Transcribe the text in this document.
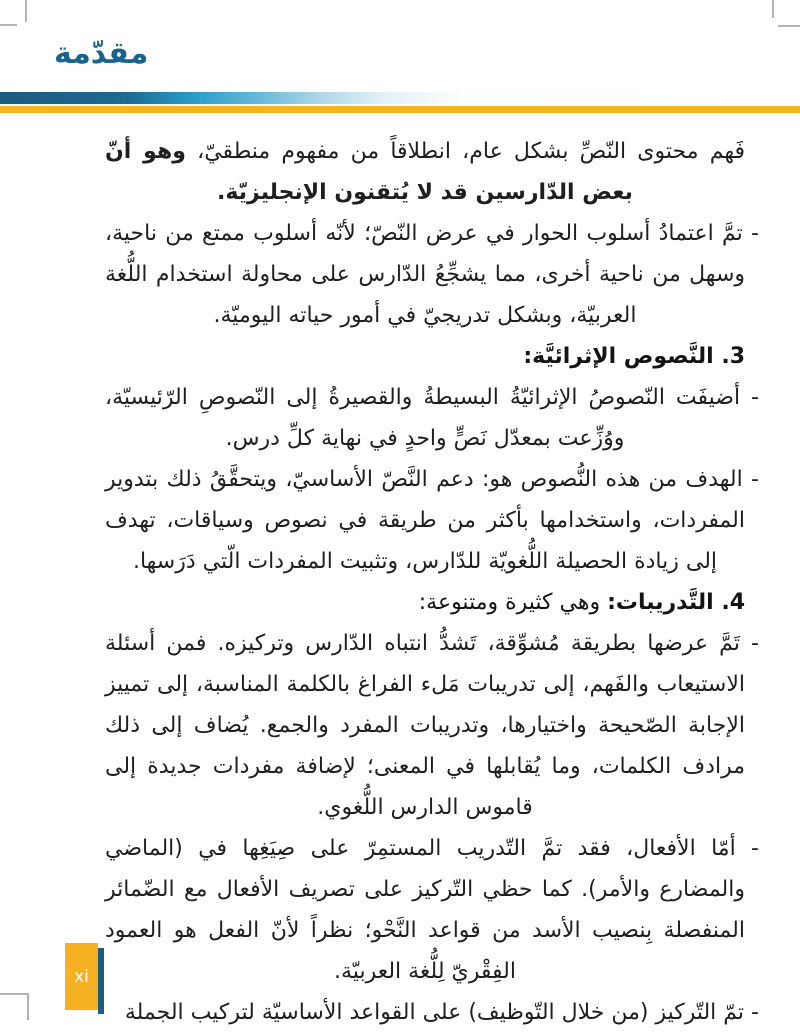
مقدّمة

فَهم محتوى النّصِّ بشكل عام، انطلاقاً من مفهوم منطقيّ، وهو أنّ بعض الدّارسين قد لا يُتقنون الإنجليزيّة.

- تمَّ اعتمادُ أسلوب الحوار في عرض النّصّ؛ لأنّه أسلوب ممتع من ناحية، وسهل من ناحية أخرى، مما يشجِّعُ الدّارس على محاولة استخدام اللُّغة العربيّة، وبشكل تدريجيّ في أمور حياته اليوميّة.

3. النَّصوص الإثرائيَّة:

- أضيفَت النّصوصُ الإثرائيّةُ البسيطةُ والقصيرةُ إلى النّصوصِ الرّئيسيّة، ووُزِّعت بمعدّل نَصٍّ واحدٍ في نهاية كلِّ درس.

- الهدف من هذه النُّصوص هو: دعم النَّصّ الأساسيّ، ويتحقَّقُ ذلك بتدوير المفردات، واستخدامها بأكثر من طريقة في نصوص وسياقات، تهدف إلى زيادة الحصيلة اللُّغويّة للدّارس، وتثبيت المفردات الّتي دَرَسها.

4. التَّدريبات: وهي كثيرة ومتنوعة:

- تَمَّ عرضها بطريقة مُشوِّقة، تَشدُّ انتباه الدّارس وتركيزه. فمن أسئلة الاستيعاب والفَهم، إلى تدريبات مَلء الفراغ بالكلمة المناسبة، إلى تمييز الإجابة الصّحيحة واختيارها، وتدريبات المفرد والجمع. يُضاف إلى ذلك مرادف الكلمات، وما يُقابلها في المعنى؛ لإضافة مفردات جديدة إلى قاموس الدارس اللُّغوي.

- أمّا الأفعال، فقد تمَّ التّدريب المستمِرّ على صِيَغِها في (الماضي والمضارع والأمر). كما حظي التّركيز على تصريف الأفعال مع الضّمائر المنفصلة بِنصيب الأسد من قواعد النَّحْو؛ نظراً لأنّ الفعل هو العمود الفِقْريّ لِلُّغة العربيّة.

- تمّ التّركيز (من خلال التّوظيف) على القواعد الأساسيّة لتركيب الجملة

xi
